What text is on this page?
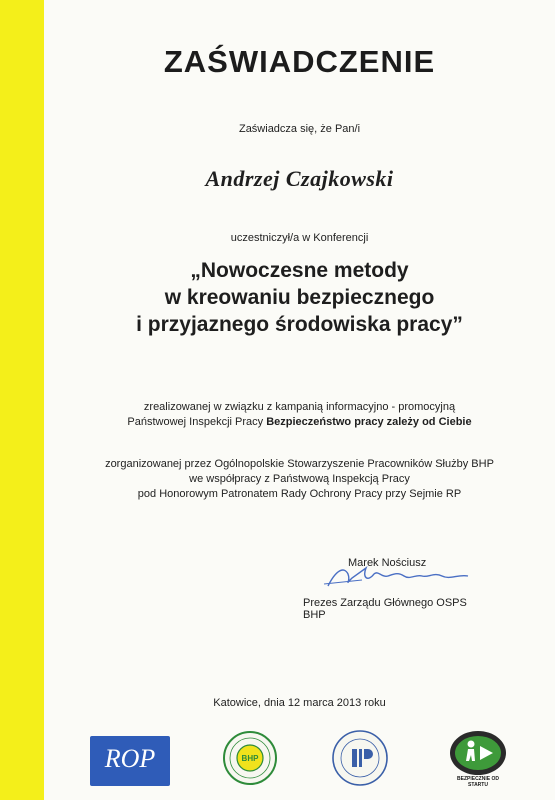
ZAŚWIADCZENIE
Zaświadcza się, że Pan/i
Andrzej Czajkowski
uczestniczył/a w Konferencji
„Nowoczesne metody
w kreowaniu bezpiecznego
i przyjaznego środowiska pracy”
zrealizowanej w związku z kampanią informacyjno - promocyjną
Państwowej Inspekcji Pracy Bezpieczeństwo pracy zależy od Ciebie
zorganizowanej przez Ogólnopolskie Stowarzyszenie Pracowników Służby BHP
we współpracy z Państwową Inspekcją Pracy
pod Honorowym Patronatem Rady Ochrony Pracy przy Sejmie RP
Marek Nościusz
Prezes Zarządu Głównego OSPS BHP
Katowice, dnia 12 marca 2013 roku
ROP	BHP
BEZPIECZNIE OD STARTU
